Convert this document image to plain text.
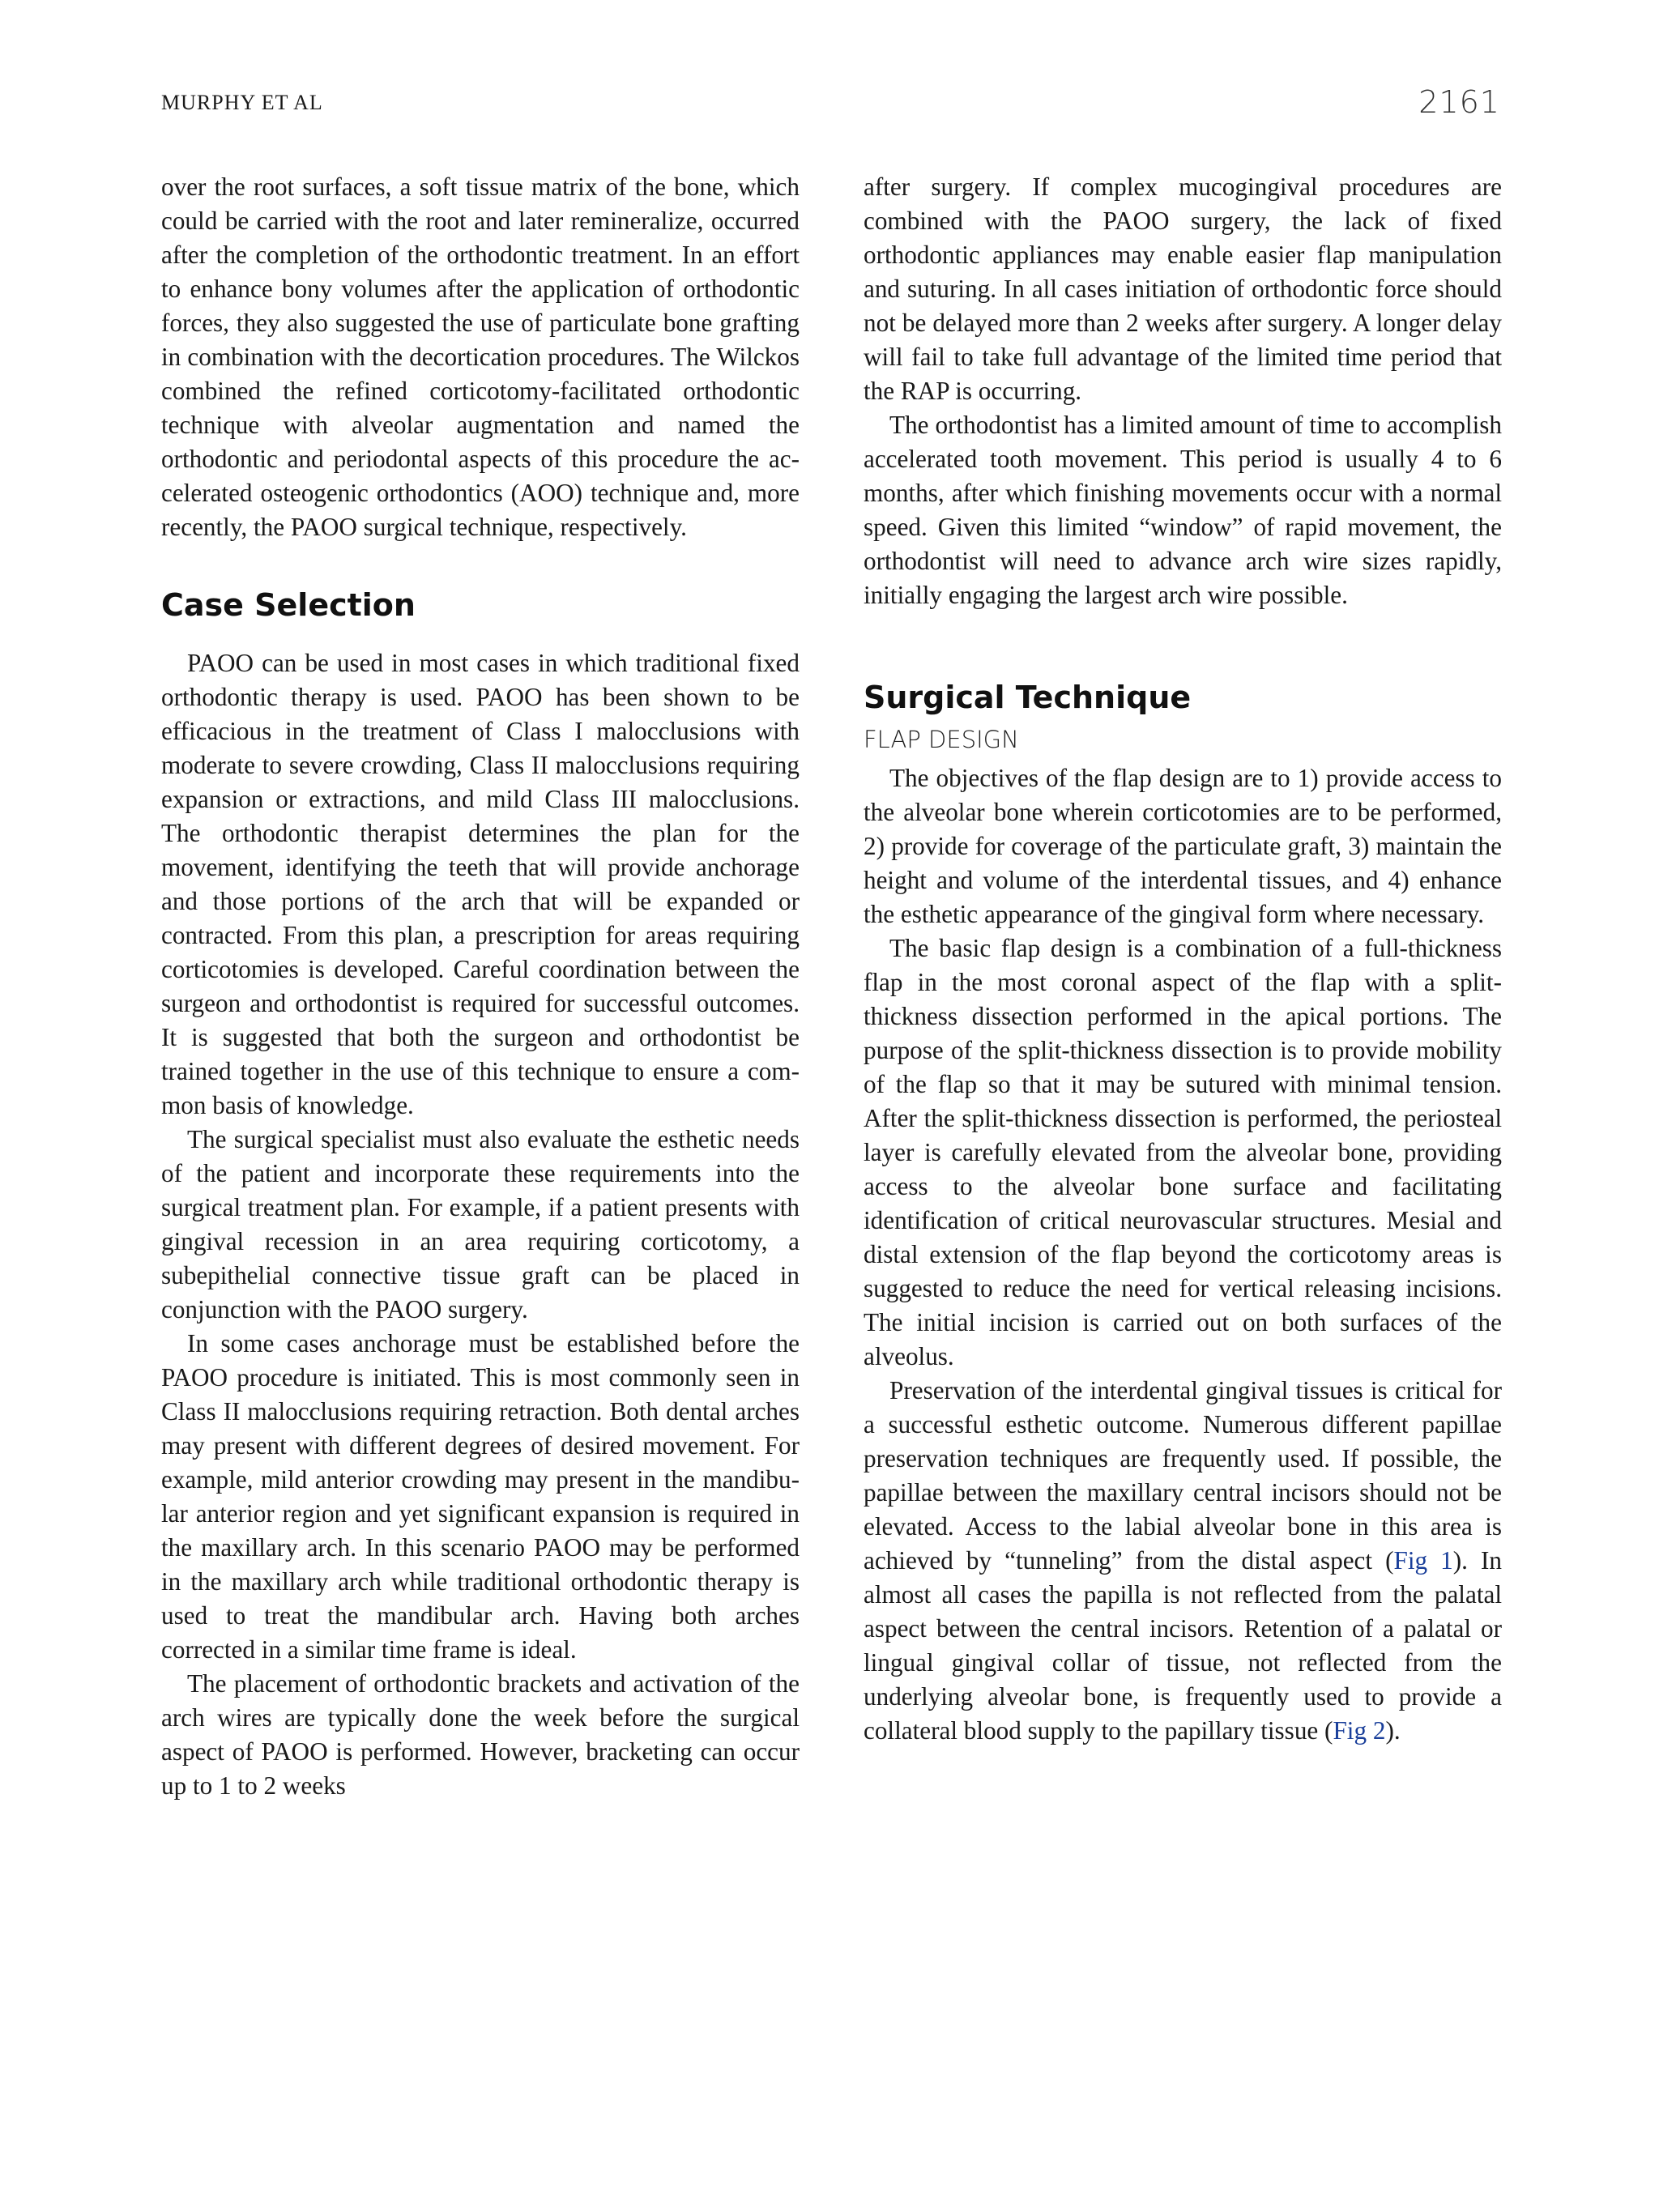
MURPHY ET AL	2161

over the root surfaces, a soft tissue matrix of the bone, which could be carried with the root and later remineralize, occurred after the completion of the orthodontic treatment. In an effort to enhance bony volumes after the application of orthodontic forces, they also suggested the use of particulate bone grafting in combination with the decortication procedures. The Wilckos combined the refined corticotomy-facilitated orthodontic technique with alveolar augmentation and named the orthodontic and periodontal aspects of this procedure the accelerated osteogenic orthodontics (AOO) technique and, more recently, the PAOO surgical technique, respectively.

Case Selection

PAOO can be used in most cases in which traditional fixed orthodontic therapy is used. PAOO has been shown to be efficacious in the treatment of Class I malocclusions with moderate to severe crowding, Class II malocclusions requiring expansion or extractions, and mild Class III malocclusions. The orthodontic therapist determines the plan for the movement, identifying the teeth that will provide anchorage and those portions of the arch that will be expanded or contracted. From this plan, a prescription for areas requiring corticotomies is developed. Careful coordination between the surgeon and orthodontist is required for successful outcomes. It is suggested that both the surgeon and orthodontist be trained together in the use of this technique to ensure a common basis of knowledge.

The surgical specialist must also evaluate the esthetic needs of the patient and incorporate these requirements into the surgical treatment plan. For example, if a patient presents with gingival recession in an area requiring corticotomy, a subepithelial connective tissue graft can be placed in conjunction with the PAOO surgery.

In some cases anchorage must be established before the PAOO procedure is initiated. This is most commonly seen in Class II malocclusions requiring retraction. Both dental arches may present with different degrees of desired movement. For example, mild anterior crowding may present in the mandibular anterior region and yet significant expansion is required in the maxillary arch. In this scenario PAOO may be performed in the maxillary arch while traditional orthodontic therapy is used to treat the mandibular arch. Having both arches corrected in a similar time frame is ideal.

The placement of orthodontic brackets and activation of the arch wires are typically done the week before the surgical aspect of PAOO is performed. However, bracketing can occur up to 1 to 2 weeks

after surgery. If complex mucogingival procedures are combined with the PAOO surgery, the lack of fixed orthodontic appliances may enable easier flap manipulation and suturing. In all cases initiation of orthodontic force should not be delayed more than 2 weeks after surgery. A longer delay will fail to take full advantage of the limited time period that the RAP is occurring.

The orthodontist has a limited amount of time to accomplish accelerated tooth movement. This period is usually 4 to 6 months, after which finishing movements occur with a normal speed. Given this limited “window” of rapid movement, the orthodontist will need to advance arch wire sizes rapidly, initially engaging the largest arch wire possible.

Surgical Technique
FLAP DESIGN

The objectives of the flap design are to 1) provide access to the alveolar bone wherein corticotomies are to be performed, 2) provide for coverage of the particulate graft, 3) maintain the height and volume of the interdental tissues, and 4) enhance the esthetic appearance of the gingival form where necessary.

The basic flap design is a combination of a full-thickness flap in the most coronal aspect of the flap with a split-thickness dissection performed in the apical portions. The purpose of the split-thickness dissection is to provide mobility of the flap so that it may be sutured with minimal tension. After the split-thickness dissection is performed, the periosteal layer is carefully elevated from the alveolar bone, providing access to the alveolar bone surface and facilitating identification of critical neurovascular structures. Mesial and distal extension of the flap beyond the corticotomy areas is suggested to reduce the need for vertical releasing incisions. The initial incision is carried out on both surfaces of the alveolus.

Preservation of the interdental gingival tissues is critical for a successful esthetic outcome. Numerous different papillae preservation techniques are frequently used. If possible, the papillae between the maxillary central incisors should not be elevated. Access to the labial alveolar bone in this area is achieved by “tunneling” from the distal aspect (Fig 1). In almost all cases the papilla is not reflected from the palatal aspect between the central incisors. Retention of a palatal or lingual gingival collar of tissue, not reflected from the underlying alveolar bone, is frequently used to provide a collateral blood supply to the papillary tissue (Fig 2).
